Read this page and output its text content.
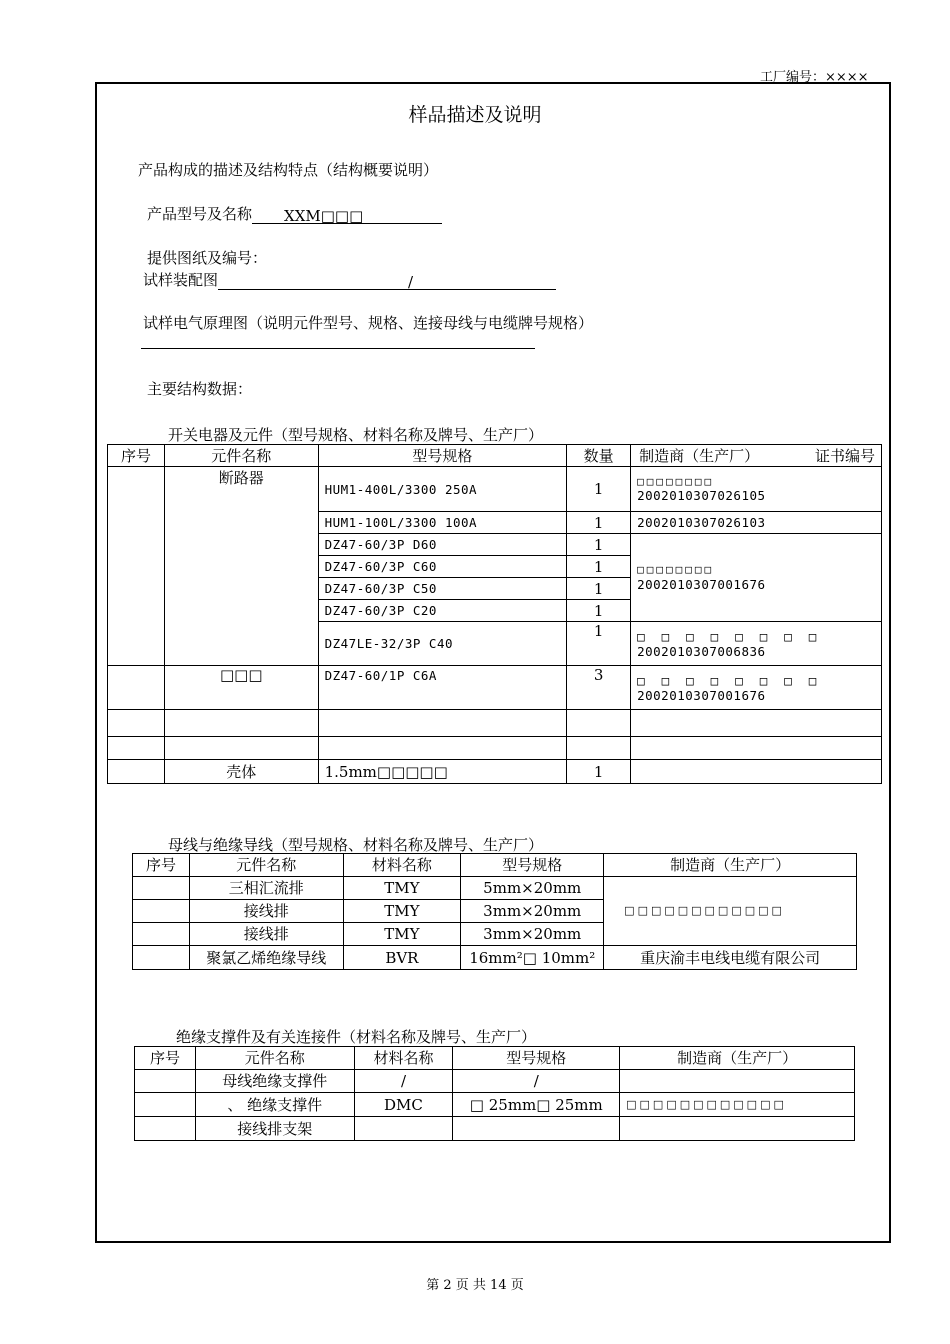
工厂编号：××××
样品描述及说明
产品构成的描述及结构特点（结构概要说明）
产品型号及名称 XXM□□□
提供图纸及编号：
试样装配图	/
试样电气原理图（说明元件型号、规格、连接母线与电缆牌号规格）
主要结构数据：
开关电器及元件（型号规格、材料名称及牌号、生产厂）
序号	元件名称	型号规格	数量	制造商（生产厂） 证书编号

	断路器	HUM1-400L/3300 250A	1	□□□□□□□□
2002010307026105

		HUM1-100L/3300 100A	1	2002010307026103
		DZ47-60/3P D60	1	□□□□□□□□
2002010307001676

		DZ47-60/3P C60	1	
		DZ47-60/3P C50	1	
		DZ47-60/3P C20	1	
		DZ47LE-32/3P C40	1	□□□□□□□□
2002010307006836

	□□□	DZ47-60/1P C6A	3	□□□□□□□□
2002010307001676

	壳体	1.5mm□□□□□	1	
母线与绝缘导线（型号规格、材料名称及牌号、生产厂）
序号	元件名称	材料名称	型号规格	制造商（生产厂）
	三相汇流排	TMY	5mm×20mm	□□□□□□□□□□□□
	接线排	TMY	3mm×20mm	
	接线排	TMY	3mm×20mm	
	聚氯乙烯绝缘导线	BVR	16mm²□ 10mm²	重庆渝丰电线电缆有限公司
绝缘支撑件及有关连接件（材料名称及牌号、生产厂）
序号	元件名称	材料名称	型号规格	制造商（生产厂）
	母线绝缘支撑件	/	/	
	、 绝缘支撑件	DMC	□ 25mm□ 25mm	□□□□□□□□□□□□
	接线排支架			
第 2 页 共 14 页
